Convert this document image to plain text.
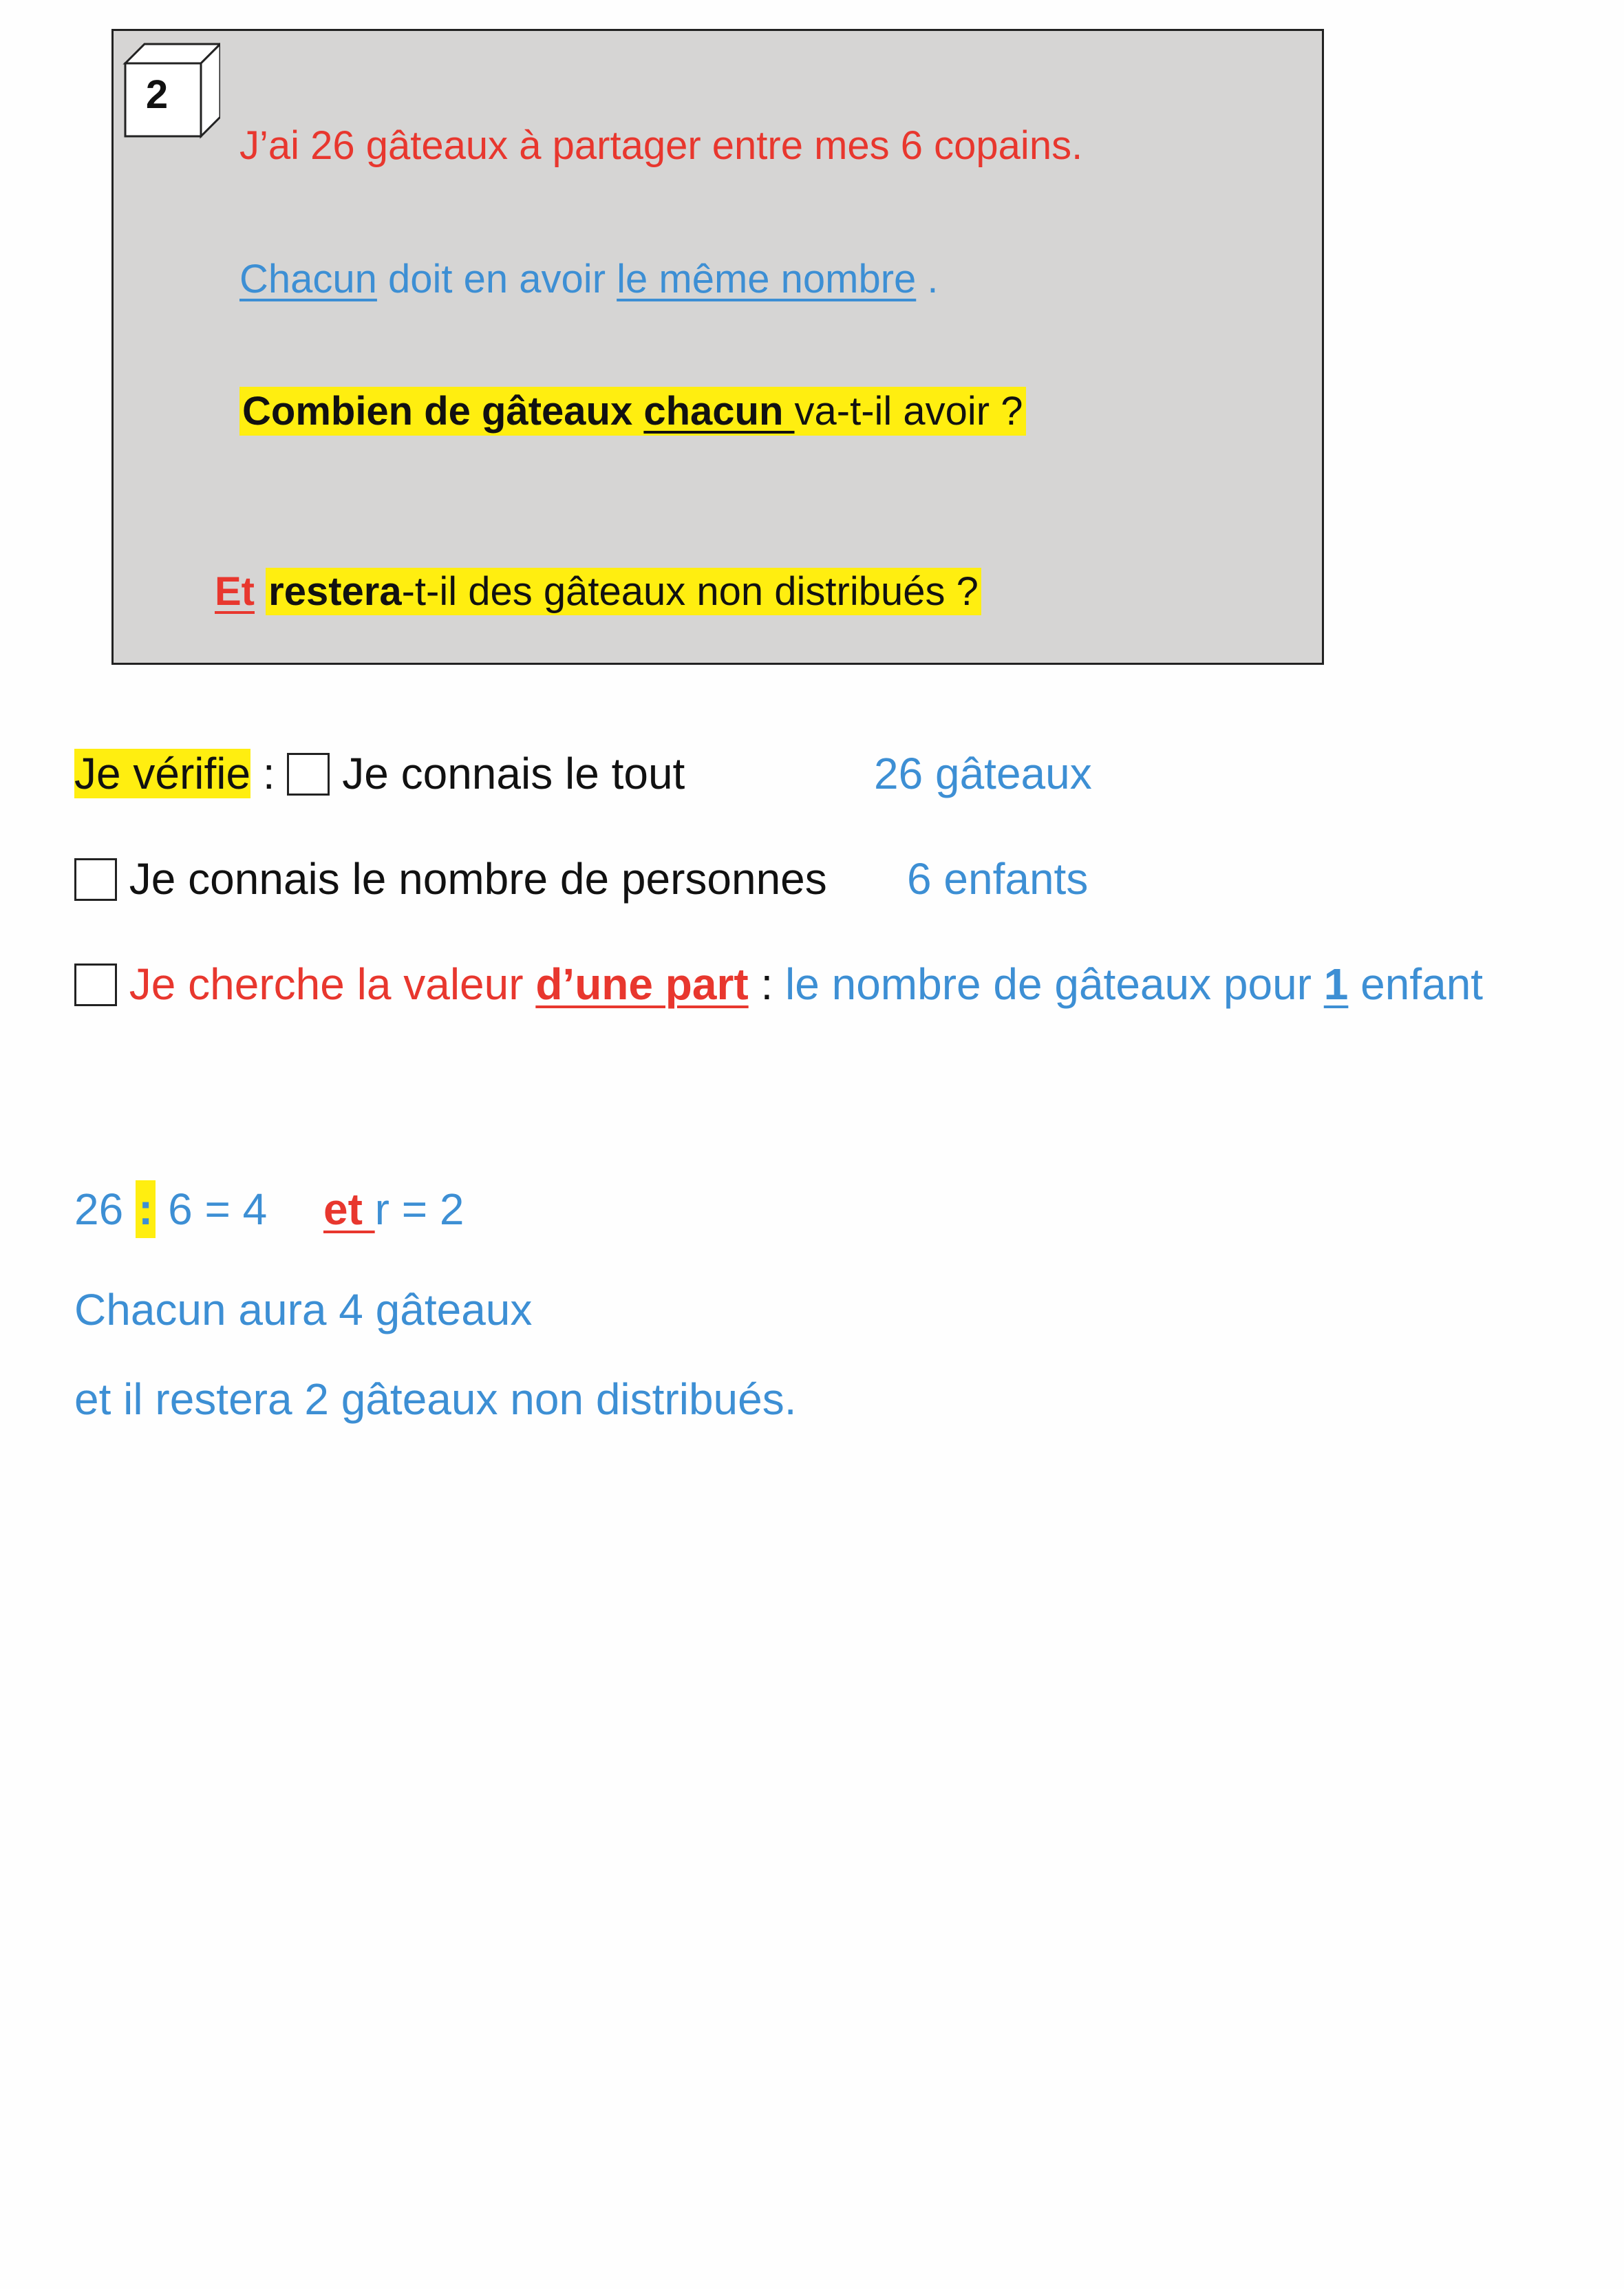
2
J’ai 26 gâteaux à partager entre mes 6 copains.
Chacun doit en avoir le même nombre .
Combien de gâteaux chacun va-t-il avoir ?
Et restera-t-il des gâteaux non distribués ?
Je vérifie :  Je connais le tout	26 gâteaux
Je connais le nombre de personnes 6 enfants
Je cherche la valeur d’une part : le nombre de gâteaux pour 1 enfant
26 : 6 = 4 et r = 2
Chacun aura 4 gâteaux
et il restera 2 gâteaux non distribués.
